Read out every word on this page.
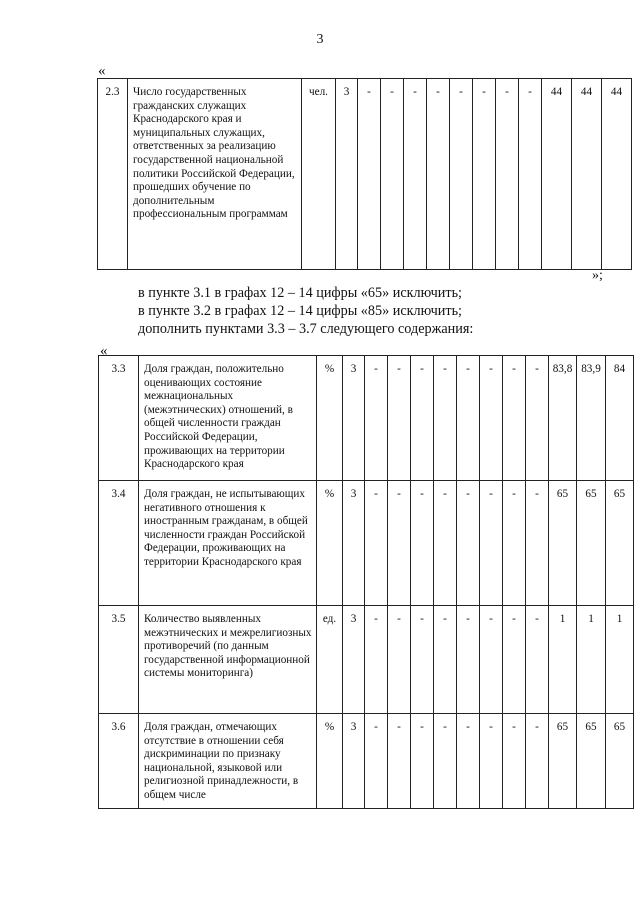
3
«
2.3	Число государственных гражданских служащих Краснодарского края и муниципальных служащих, ответственных за реализацию государственной национальной политики Российской Федерации, прошедших обучение по дополнительным профессиональным программам	чел.	3	-	-	-	-	-	-	-	-	44	44	44
»;
в пункте 3.1 в графах 12 – 14 цифры «65» исключить;
в пункте 3.2 в графах 12 – 14 цифры «85» исключить;
дополнить пунктами 3.3 – 3.7 следующего содержания:
«
3.3	Доля граждан, положительно оценивающих состояние межнациональных (межэтнических) отношений, в общей численности граждан Российской Федерации, проживающих на территории Краснодарского края	%	3	-	-	-	-	-	-	-	-	83,8	83,9	84
3.4	Доля граждан, не испытывающих негативного отношения к иностранным гражданам, в общей численности граждан Российской Федерации, проживающих на территории Краснодарского края	%	3	-	-	-	-	-	-	-	-	65	65	65
3.5	Количество выявленных межэтнических и межрелигиозных противоречий (по данным государственной информационной системы мониторинга)	ед.	3	-	-	-	-	-	-	-	-	1	1	1
3.6	Доля граждан, отмечающих отсутствие в отношении себя дискриминации по признаку национальной, языковой или религиозной принадлежности, в общем числе	%	3	-	-	-	-	-	-	-	-	65	65	65
